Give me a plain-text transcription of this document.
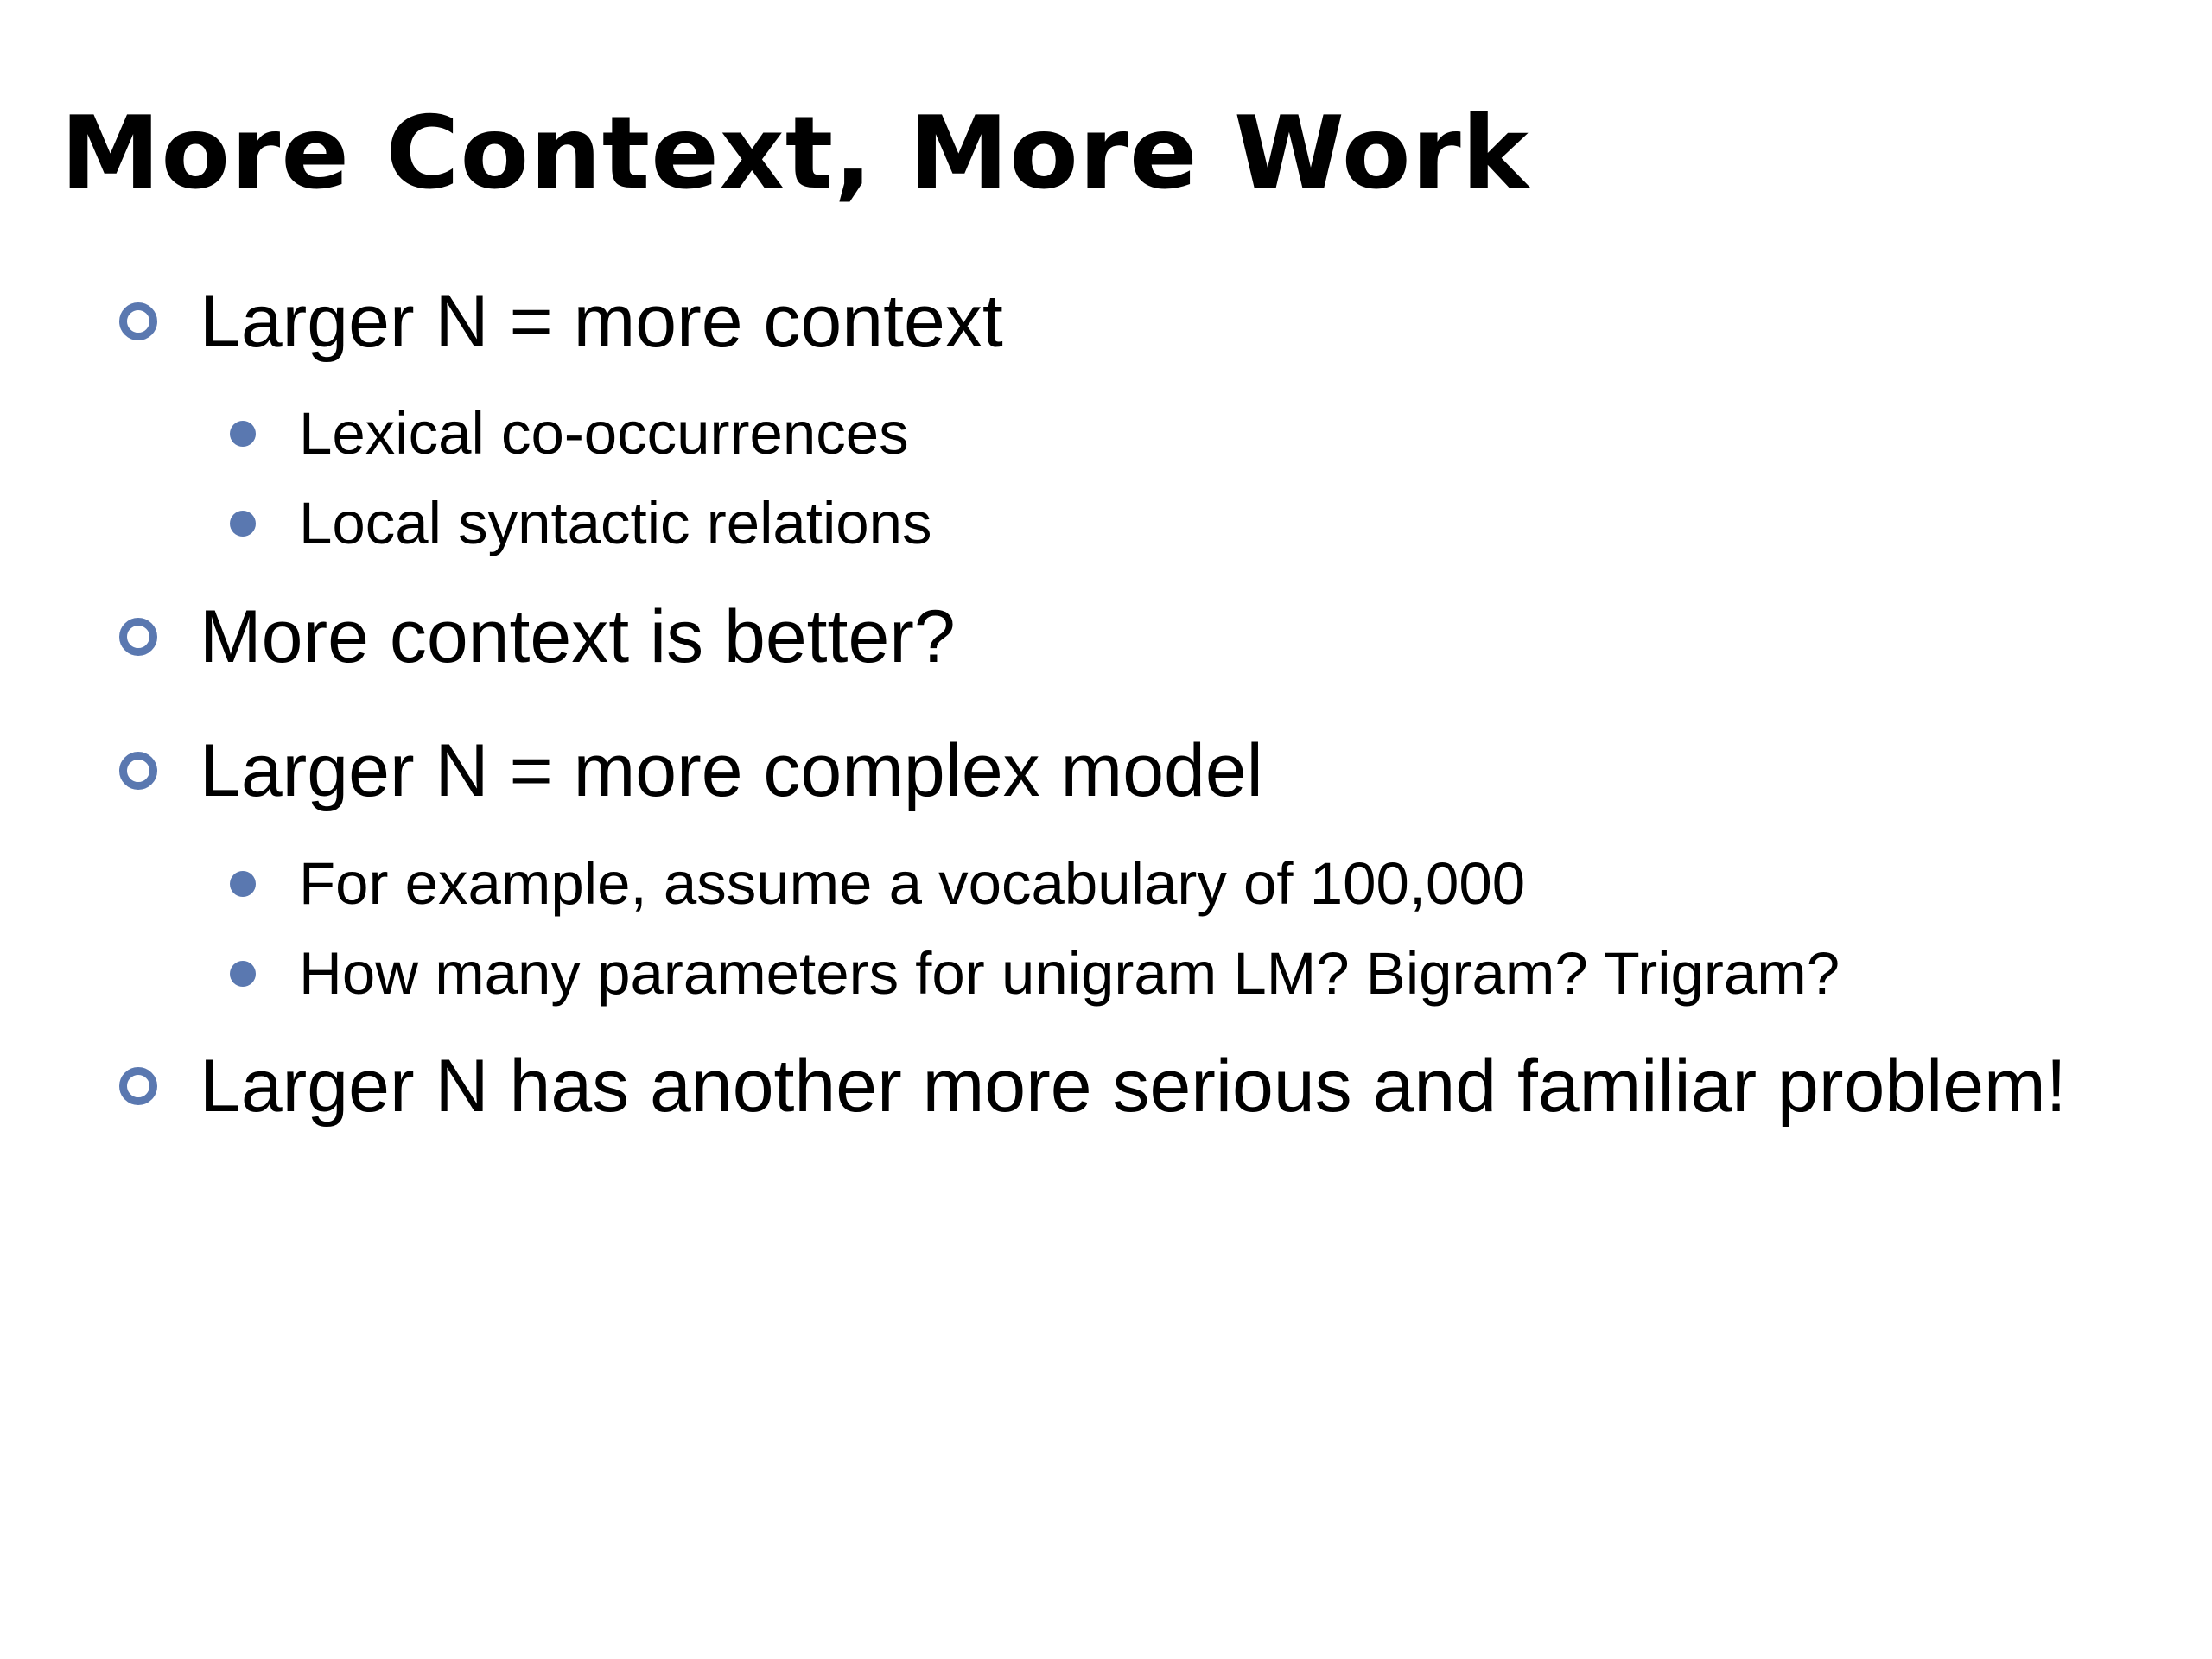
More Context, More Work
Larger N = more context
Lexical co-occurrences
Local syntactic relations
More context is better?
Larger N = more complex model
For example, assume a vocabulary of 100,000
How many parameters for unigram LM? Bigram? Trigram?
Larger N has another more serious and familiar problem!
